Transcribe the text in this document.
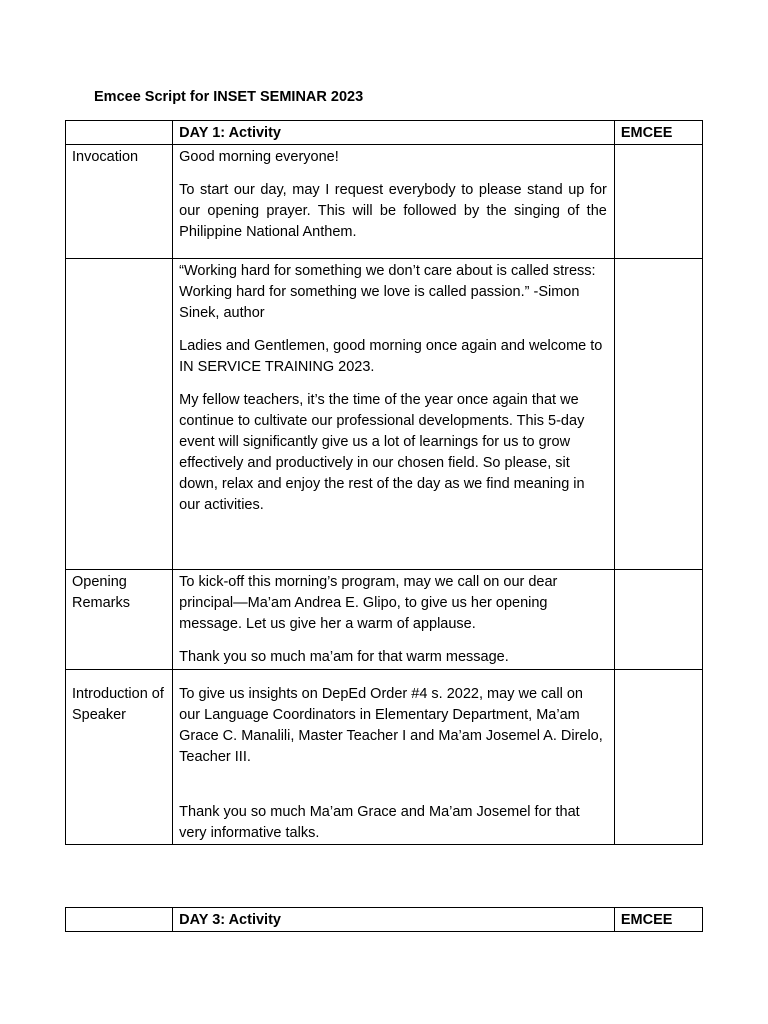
Emcee Script for INSET SEMINAR 2023
	DAY 1: Activity	EMCEE
Invocation	Good morning everyone!

To start our day, may I request everybody to please stand up for our opening prayer. This will be followed by the singing of the Philippine National Anthem.	

	“Working hard for something we don’t care about is called stress: Working hard for something we love is called passion.” -Simon Sinek, author

Ladies and Gentlemen, good morning once again and welcome to IN SERVICE TRAINING 2023.

My fellow teachers, it’s the time of the year once again that we continue to cultivate our professional developments. This 5-day event will significantly give us a lot of learnings for us to grow effectively and productively in our chosen field. So please, sit down, relax and enjoy the rest of the day as we find meaning in our activities.	

Opening Remarks	To kick-off this morning’s program, may we call on our dear principal—Ma’am Andrea E. Glipo, to give us her opening message. Let us give her a warm of applause.

Thank you so much ma’am for that warm message.	

Introduction of Speaker	To give us insights on DepEd Order #4 s. 2022, may we call on our Language Coordinators in Elementary Department, Ma’am Grace C. Manalili, Master Teacher I and Ma’am Josemel A. Direlo, Teacher III.

Thank you so much Ma’am Grace and Ma’am Josemel for that very informative talks.	

	DAY 3: Activity	EMCEE
